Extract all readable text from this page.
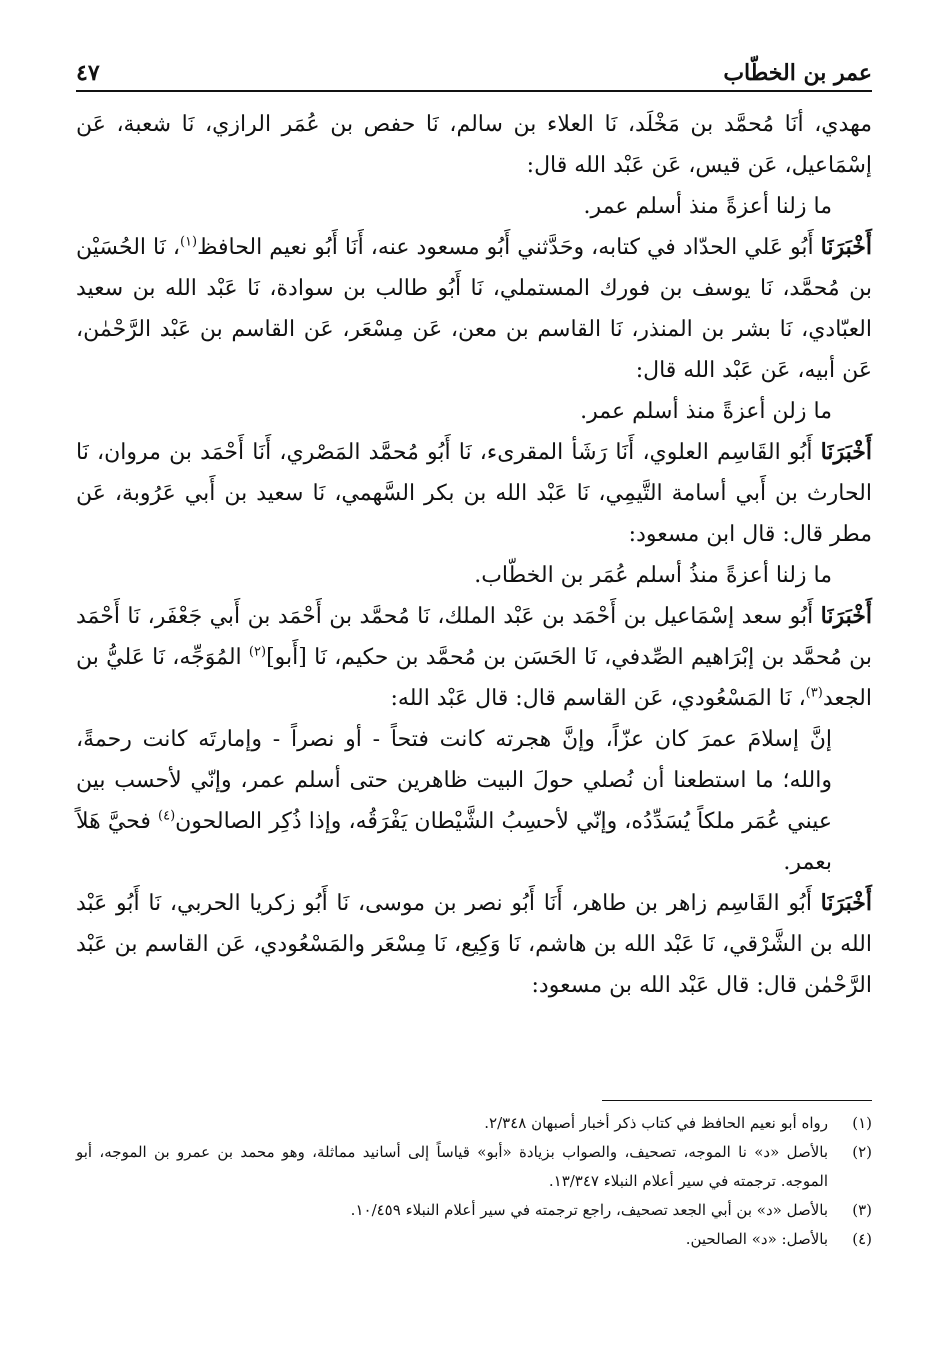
عمر بن الخطّاب
٤٧

مهدي، أنَا مُحمَّد بن مَخْلَد، نَا العلاء بن سالم، نَا حفص بن عُمَر الرازي، نَا شعبة، عَن إسْمَاعيل، عَن قيس، عَن عَبْد الله قال:

ما زلنا أعزةً منذ أسلم عمر.

أَخْبَرَنَا أَبُو عَلي الحدّاد في كتابه، وحَدَّثني أَبُو مسعود عنه، أَنَا أَبُو نعيم الحافظ$^{(١)}$، نَا الحُسَيْن بن مُحمَّد، نَا يوسف بن فورك المستملي، نَا أَبُو طالب بن سوادة، نَا عَبْد الله بن سعيد العبّادي، نَا بشر بن المنذر، نَا القاسم بن معن، عَن مِسْعَر، عَن القاسم بن عَبْد الرَّحْمٰن، عَن أبيه، عَن عَبْد الله قال:

ما زلن أعزةً منذ أسلم عمر.

أَخْبَرَنَا أَبُو القَاسِم العلوي، أَنَا رَشَأ المقرىء، نَا أَبُو مُحمَّد المَصْري، أَنَا أَحْمَد بن مروان، نَا الحارث بن أَبي أسامة التَّيمِي، نَا عَبْد الله بن بكر السَّهمي، نَا سعيد بن أَبي عَرُوبة، عَن مطر قال: قال ابن مسعود:

ما زلنا أعزةً منذُ أسلم عُمَر بن الخطّاب.

أَخْبَرَنَا أَبُو سعد إسْمَاعيل بن أَحْمَد بن عَبْد الملك، نَا مُحمَّد بن أَحْمَد بن أَبي جَعْفَر، نَا أَحْمَد بن مُحمَّد بن إبْرَاهيم الصِّدفي، نَا الحَسَن بن مُحمَّد بن حكيم، نَا [أَبو]$^{(٢)}$ المُوَجِّه، نَا عَليُّ بن الجعد$^{(٣)}$، نَا المَسْعُودي، عَن القاسم قال: قال عَبْد الله:

إنَّ إسلامَ عمرَ كان عزّاً، وإنَّ هجرته كانت فتحاً - أو نصراً - وإمارتَه كانت رحمةً، والله؛ ما استطعنا أن نُصلي حولَ البيت ظاهرين حتى أسلم عمر، وإنّي لأحسب بين عيني عُمَر ملكاً يُسَدِّدُه، وإنّي لأحسِبُ الشَّيْطان يَفْرَقُه، وإذا ذُكِر الصالحون$^{(٤)}$ فحيَّ هَلاً بعمر.

أَخْبَرَنَا أَبُو القَاسِم زاهر بن طاهر، أَنَا أَبُو نصر بن موسى، نَا أَبُو زكريا الحربي، نَا أَبُو عَبْد الله بن الشَّرْقي، نَا عَبْد الله بن هاشم، نَا وَكِيع، نَا مِسْعَر والمَسْعُودي، عَن القاسم بن عَبْد الرَّحْمٰن قال: قال عَبْد الله بن مسعود:

(١)
رواه أبو نعيم الحافظ في كتاب ذكر أخبار أصبهان ٢/٣٤٨.
(٢)
بالأصل «د» نا الموجه، تصحيف، والصواب بزيادة «أبو» قياساً إلى أسانيد مماثلة، وهو محمد بن عمرو بن الموجه، أبو الموجه. ترجمته في سير أعلام النبلاء ١٣/٣٤٧.
(٣)
بالأصل «د» بن أبي الجعد تصحيف، راجع ترجمته في سير أعلام النبلاء ١٠/٤٥٩.
(٤)
بالأصل: «د» الصالحين.
